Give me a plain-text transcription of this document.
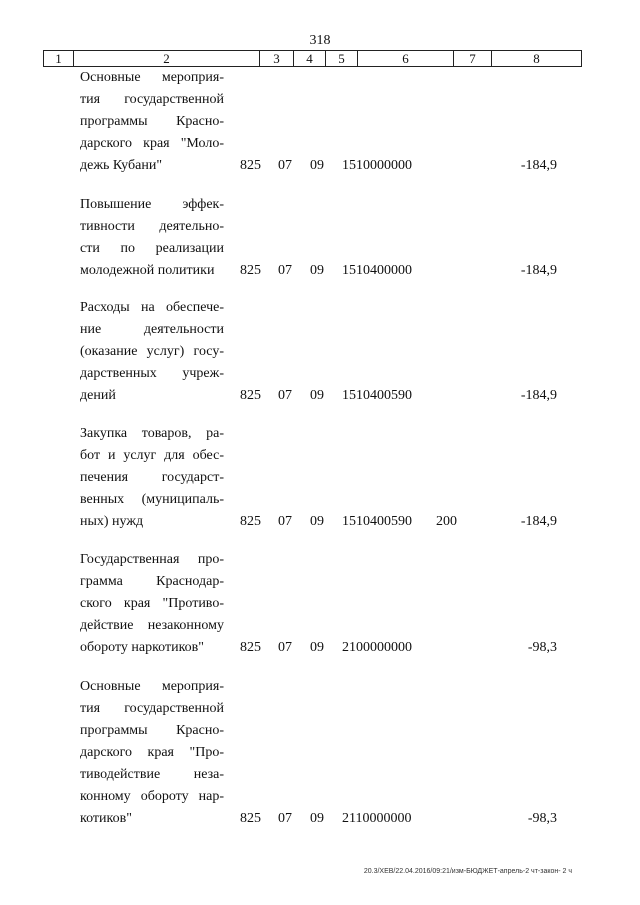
318
1	2	3	4	5	6	7	8
Основные мероприя-
тия государственной
программы Красно-
дарского края "Моло-
дежь Кубани"	825 07 09 1510000000	-184,9
Повышение эффек-
тивности деятельно-
сти по реализации
молодежной политики	825 07 09 1510400000	-184,9
Расходы на обеспече-
ние деятельности
(оказание услуг) госу-
дарственных учреж-
дений	825 07 09 1510400590	-184,9
Закупка товаров, ра-
бот и услуг для обес-
печения государст-
венных (муниципаль-
ных) нужд	825 07 09 1510400590 200	-184,9
Государственная про-
грамма Краснодар-
ского края "Противо-
действие незаконному
обороту наркотиков"	825 07 09 2100000000	-98,3
Основные мероприя-
тия государственной
программы Красно-
дарского края "Про-
тиводействие неза-
конному обороту нар-
котиков"	825 07 09 2110000000	-98,3
20.3/ХЕВ/22.04.2016/09:21/изм-БЮДЖЕТ-апрель-2 чт-закон- 2 ч
